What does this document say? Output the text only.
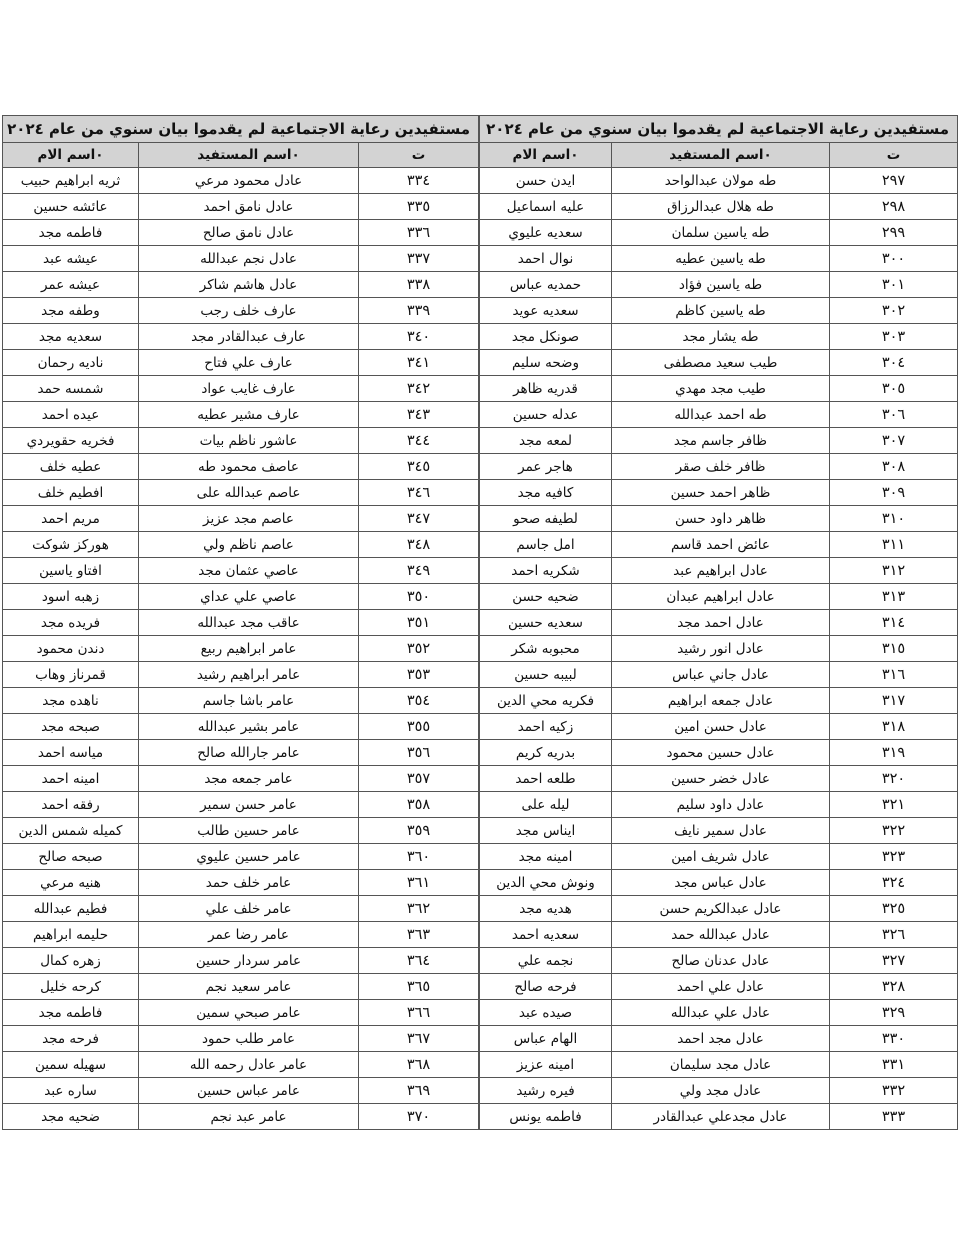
مستفيدين رعاية الاجتماعية لم يقدموا بيان سنوي من عام ٢٠٢٤		
ت	٠اسم المستفيد	٠اسم الام
٣٣٤	عادل محمود مرعي	ثريه ابراهيم حبيب
٣٣٥	عادل نامق احمد	عائشه حسين
٣٣٦	عادل نامق صالح	فاطمه مجد
٣٣٧	عادل نجم عبدالله	عيشه عبد
٣٣٨	عادل هاشم شاكر	عيشه عمر
٣٣٩	عارف خلف رجب	وطفه مجد
٣٤٠	عارف عبدالقادر مجد	سعديه مجد
٣٤١	عارف علي فتاح	ناديه رحمان
٣٤٢	عارف غايب عواد	شمسه حمد
٣٤٣	عارف مشير عطيه	عيده احمد
٣٤٤	عاشور ناظم بيات	فخريه حقويردي
٣٤٥	عاصف محمود طه	عطيه خلف
٣٤٦	عاصم عبدالله على	افطيم خلف
٣٤٧	عاصم مجد عزيز	مريم احمد
٣٤٨	عاصم ناظم ولي	هوركز شوكت
٣٤٩	عاصي عثمان مجد	افتاو ياسين
٣٥٠	عاصي علي عداي	زهبه اسود
٣٥١	عاقب مجد عبدالله	فريده مجد
٣٥٢	عامر ابراهيم ربيع	دندن محمود
٣٥٣	عامر ابراهيم رشيد	قمرناز وهاب
٣٥٤	عامر باشا جاسم	ناهده مجد
٣٥٥	عامر بشير عبدالله	صبحه مجد
٣٥٦	عامر جارالله صالح	مياسه احمد
٣٥٧	عامر جمعه مجد	امينه احمد
٣٥٨	عامر حسن سمير	رفقه احمد
٣٥٩	عامر حسين طالب	كميله شمس الدين
٣٦٠	عامر حسين عليوي	صبحه صالح
٣٦١	عامر خلف حمد	هنيه مرعي
٣٦٢	عامر خلف علي	فطيم عبدالله
٣٦٣	عامر رضا عمر	حليمه ابراهيم
٣٦٤	عامر سردار حسين	زهره كمال
٣٦٥	عامر سعيد نجم	كرحه خليل
٣٦٦	عامر صبحي سمين	فاطمه مجد
٣٦٧	عامر طلب حمود	فرحه مجد
٣٦٨	عامر عادل رحمه الله	سهيله سمين
٣٦٩	عامر عباس حسين	ساره عبد
٣٧٠	عامر عبد نجم	ضحيه مجد
مستفيدين رعاية الاجتماعية لم يقدموا بيان سنوي من عام ٢٠٢٤		
ت	٠اسم المستفيد	٠اسم الام
٢٩٧	طه مولان عبدالواحد	ايدن حسن
٢٩٨	طه هلال عبدالرزاق	عليه اسماعيل
٢٩٩	طه ياسين سلمان	سعديه عليوي
٣٠٠	طه ياسين عطيه	نوال احمد
٣٠١	طه ياسين فؤاد	حمديه عباس
٣٠٢	طه ياسين كاظم	سعديه عويد
٣٠٣	طه يشار مجد	صونكل مجد
٣٠٤	طيب سعيد مصطفى	وضحه سليم
٣٠٥	طيب مجد مهدي	قدريه ظاهر
٣٠٦	طه احمد عبدالله	عدله حسين
٣٠٧	ظافر جاسم مجد	لمعه مجد
٣٠٨	ظافر خلف صقر	هاجر عمر
٣٠٩	ظاهر احمد حسين	كافيه مجد
٣١٠	ظاهر داود حسن	لطيفه صحو
٣١١	عائض احمد قاسم	امل جاسم
٣١٢	عادل ابراهيم عبد	شكريه احمد
٣١٣	عادل ابراهيم عبدان	ضحيه حسن
٣١٤	عادل احمد مجد	سعديه حسين
٣١٥	عادل انور رشيد	محبوبه شكر
٣١٦	عادل جاني عباس	لبيبه حسين
٣١٧	عادل جمعه ابراهيم	فكريه محي الدين
٣١٨	عادل حسن امين	زكيه احمد
٣١٩	عادل حسين محمود	بدريه كريم
٣٢٠	عادل خضر حسين	طلعه احمد
٣٢١	عادل داود سليم	ليله على
٣٢٢	عادل سمير نايف	ايناس مجد
٣٢٣	عادل شريف امين	امينه مجد
٣٢٤	عادل عباس مجد	ونوش محي الدين
٣٢٥	عادل عبدالكريم حسن	هديه مجد
٣٢٦	عادل عبدالله حمد	سعديه احمد
٣٢٧	عادل عدنان صالح	نجمه علي
٣٢٨	عادل علي احمد	فرحه صالح
٣٢٩	عادل علي عبدالله	صيده عبد
٣٣٠	عادل مجد احمد	الهام عباس
٣٣١	عادل مجد سليمان	امينه عزيز
٣٣٢	عادل مجد ولي	فيره رشيد
٣٣٣	عادل مجدعلي عبدالقادر	فاطمه يونس
